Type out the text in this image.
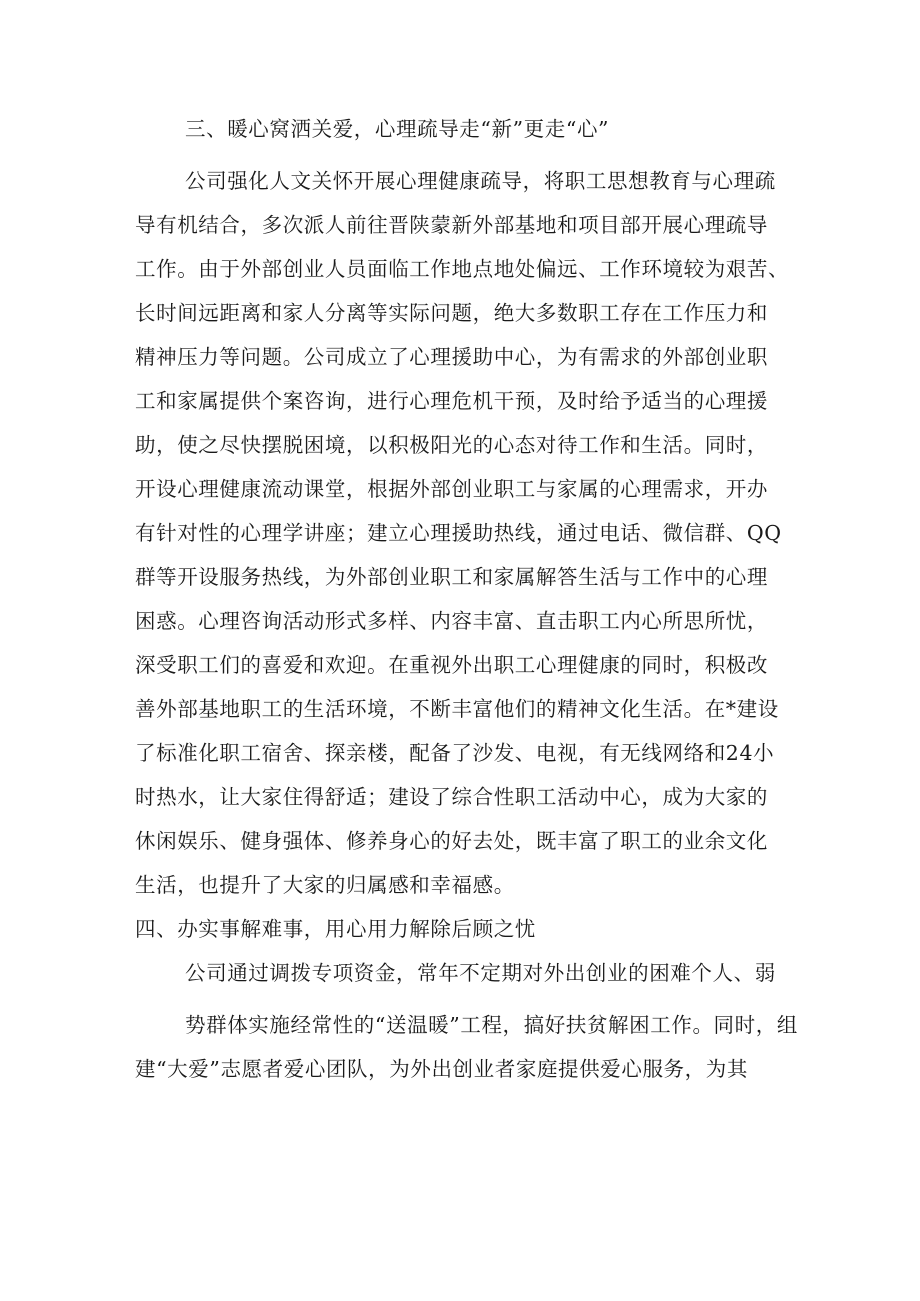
三、暖心窝洒关爱，心理疏导走“新”更走“心”
公司强化人文关怀开展心理健康疏导，将职工思想教育与心理疏
导有机结合，多次派人前往晋陕蒙新外部基地和项目部开展心理疏导
工作。由于外部创业人员面临工作地点地处偏远、工作环境较为艰苦、
长时间远距离和家人分离等实际问题，绝大多数职工存在工作压力和
精神压力等问题。公司成立了心理援助中心，为有需求的外部创业职
工和家属提供个案咨询，进行心理危机干预，及时给予适当的心理援
助，使之尽快摆脱困境，以积极阳光的心态对待工作和生活。同时，
开设心理健康流动课堂，根据外部创业职工与家属的心理需求，开办
有针对性的心理学讲座；建立心理援助热线，通过电话、微信群、QQ
群等开设服务热线，为外部创业职工和家属解答生活与工作中的心理
困惑。心理咨询活动形式多样、内容丰富、直击职工内心所思所忧，
深受职工们的喜爱和欢迎。在重视外出职工心理健康的同时，积极改
善外部基地职工的生活环境，不断丰富他们的精神文化生活。在*建设
了标准化职工宿舍、探亲楼，配备了沙发、电视，有无线网络和24小
时热水，让大家住得舒适；建设了综合性职工活动中心，成为大家的
休闲娱乐、健身强体、修养身心的好去处，既丰富了职工的业余文化
生活，也提升了大家的归属感和幸福感。
四、办实事解难事，用心用力解除后顾之忧
公司通过调拨专项资金，常年不定期对外出创业的困难个人、弱
势群体实施经常性的“送温暖”工程，搞好扶贫解困工作。同时，组
建“大爱”志愿者爱心团队，为外出创业者家庭提供爱心服务，为其
